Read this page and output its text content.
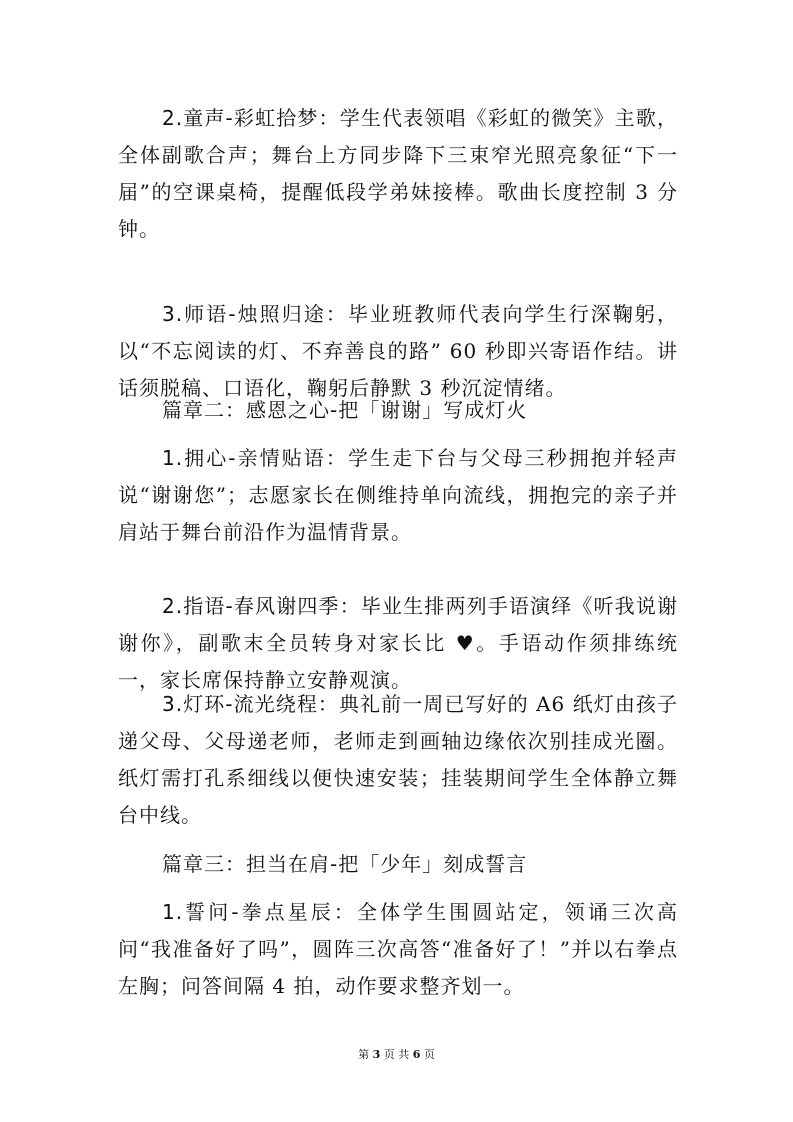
2.童声-彩虹拾梦：学生代表领唱《彩虹的微笑》主歌，全体副歌合声；舞台上方同步降下三束窄光照亮象征“下一届”的空课桌椅，提醒低段学弟妹接棒。歌曲长度控制 3 分钟。

3.师语-烛照归途：毕业班教师代表向学生行深鞠躬，以“不忘阅读的灯、不弃善良的路” 60 秒即兴寄语作结。讲话须脱稿、口语化，鞠躬后静默 3 秒沉淀情绪。

篇章二：感恩之心-把「谢谢」写成灯火

1.拥心-亲情贴语：学生走下台与父母三秒拥抱并轻声说“谢谢您”；志愿家长在侧维持单向流线，拥抱完的亲子并肩站于舞台前沿作为温情背景。

2.指语-春风谢四季：毕业生排两列手语演绎《听我说谢谢你》，副歌末全员转身对家长比 ♥。手语动作须排练统一，家长席保持静立安静观演。

3.灯环-流光绕程：典礼前一周已写好的 A6 纸灯由孩子递父母、父母递老师，老师走到画轴边缘依次别挂成光圈。纸灯需打孔系细线以便快速安装；挂装期间学生全体静立舞台中线。

篇章三：担当在肩-把「少年」刻成誓言

1.誓问-拳点星辰：全体学生围圆站定，领诵三次高问“我准备好了吗”，圆阵三次高答“准备好了！”并以右拳点左胸；问答间隔 4 拍，动作要求整齐划一。

第 3 页 共 6 页
